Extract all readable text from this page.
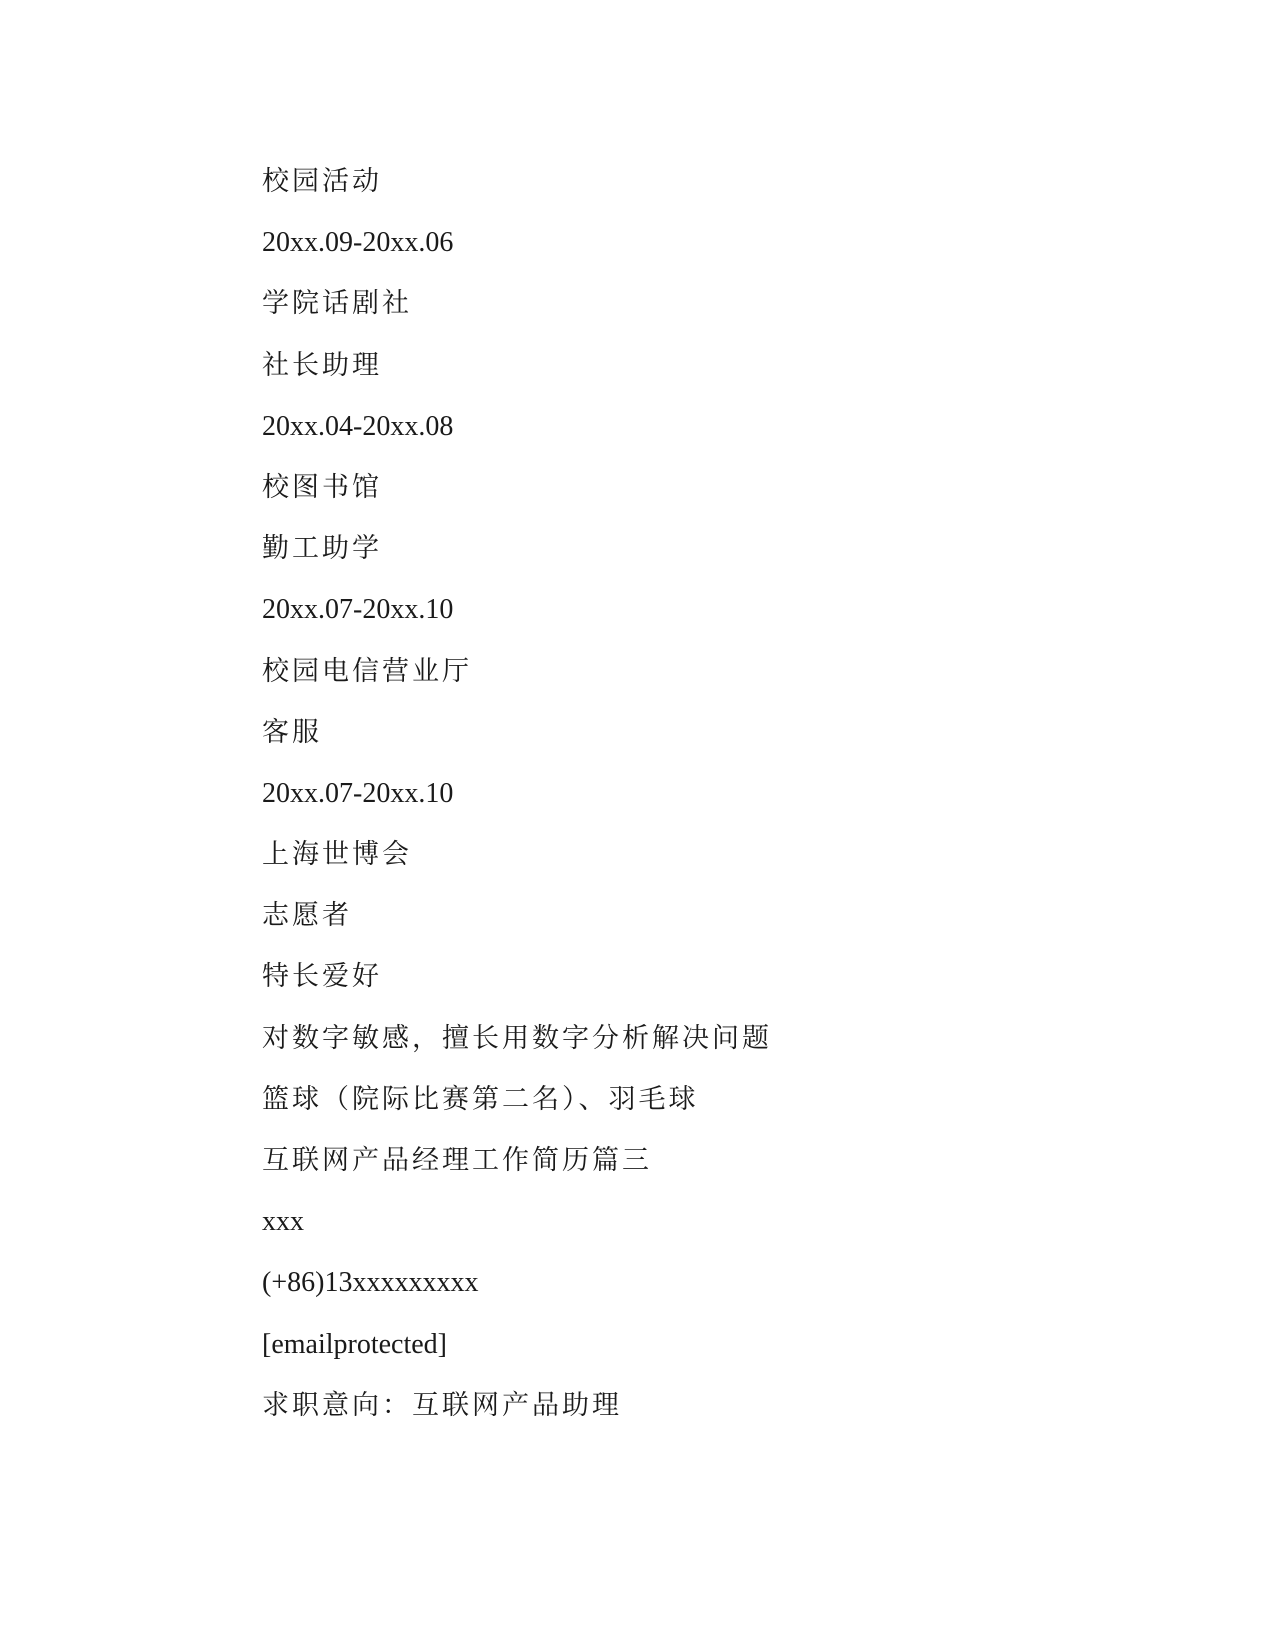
校园活动
20xx.09-20xx.06
学院话剧社
社长助理
20xx.04-20xx.08
校图书馆
勤工助学
20xx.07-20xx.10
校园电信营业厅
客服
20xx.07-20xx.10
上海世博会
志愿者
特长爱好
对数字敏感，擅长用数字分析解决问题
篮球（院际比赛第二名）、羽毛球
互联网产品经理工作简历篇三
xxx
(+86)13xxxxxxxxx
[emailprotected]
求职意向：互联网产品助理
